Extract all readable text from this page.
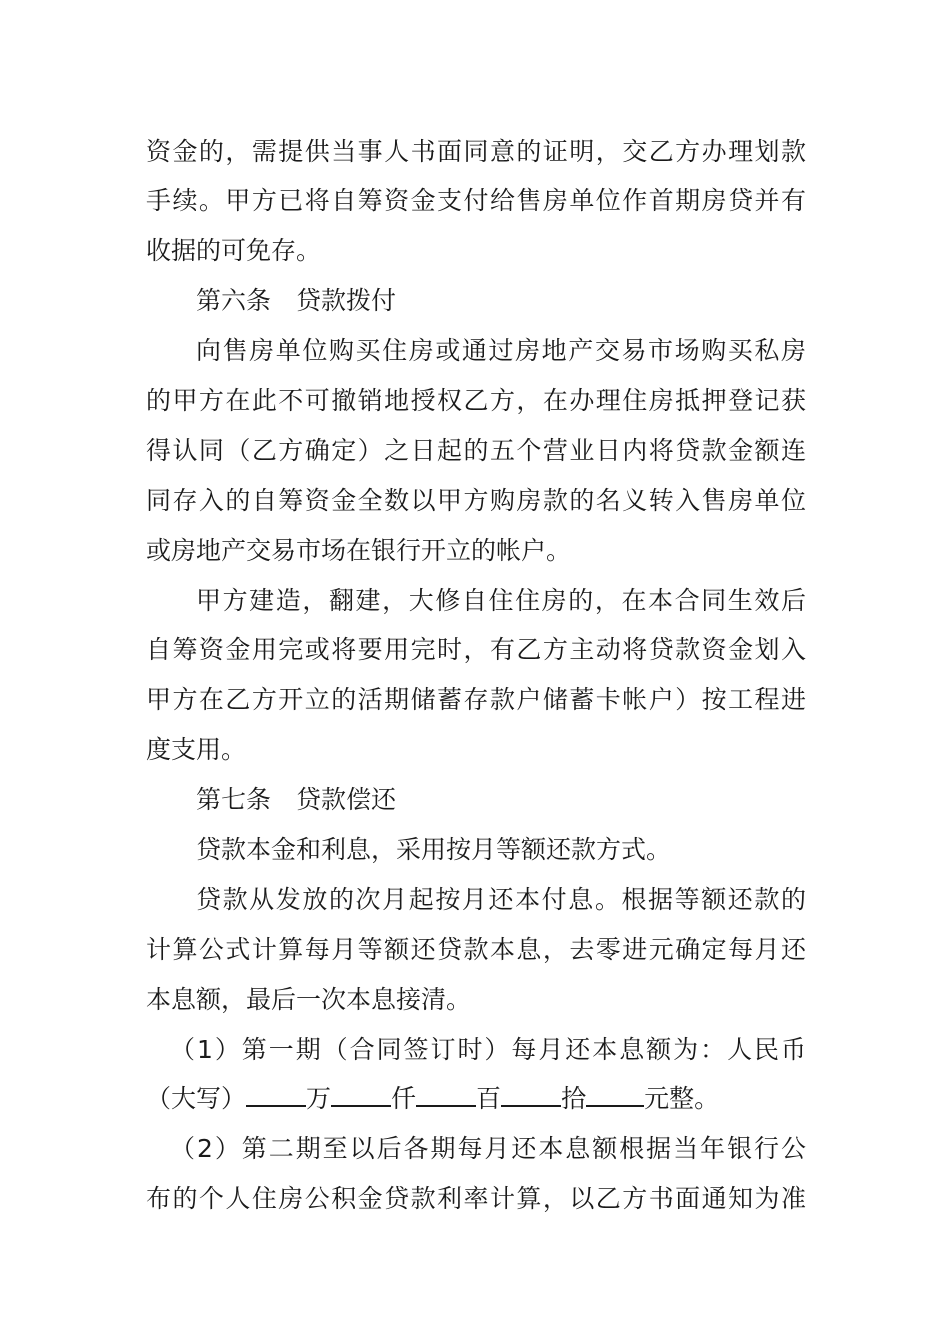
资金的，需提供当事人书面同意的证明，交乙方办理划款
手续。甲方已将自筹资金支付给售房单位作首期房贷并有
收据的可免存。
第六条 贷款拨付
向售房单位购买住房或通过房地产交易市场购买私房
的甲方在此不可撤销地授权乙方，在办理住房抵押登记获
得认同（乙方确定）之日起的五个营业日内将贷款金额连
同存入的自筹资金全数以甲方购房款的名义转入售房单位
或房地产交易市场在银行开立的帐户。
甲方建造，翻建，大修自住住房的，在本合同生效后
自筹资金用完或将要用完时，有乙方主动将贷款资金划入
甲方在乙方开立的活期储蓄存款户储蓄卡帐户）按工程进
度支用。
第七条 贷款偿还
贷款本金和利息，采用按月等额还款方式。
贷款从发放的次月起按月还本付息。根据等额还款的
计算公式计算每月等额还贷款本息，去零进元确定每月还
本息额，最后一次本息接清。
（1）第一期（合同签订时）每月还本息额为：人民币
（大写） 万 仟 百 拾 元整。
（2）第二期至以后各期每月还本息额根据当年银行公
布的个人住房公积金贷款利率计算，以乙方书面通知为准
